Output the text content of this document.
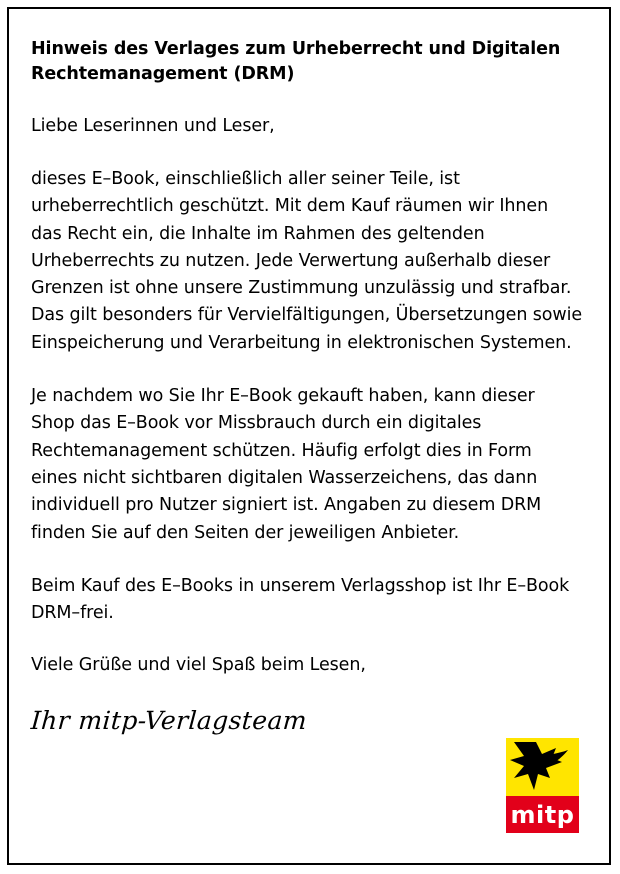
Hinweis des Verlages zum Urheberrecht und Digitalen Rechtemanagement (DRM)

Liebe Leserinnen und Leser,

dieses E–Book, einschließlich aller seiner Teile, ist urheberrechtlich geschützt. Mit dem Kauf räumen wir Ihnen das Recht ein, die Inhalte im Rahmen des geltenden Urheberrechts zu nutzen. Jede Verwertung außerhalb dieser Grenzen ist ohne unsere Zustimmung unzulässig und strafbar. Das gilt besonders für Vervielfältigungen, Übersetzungen sowie Einspeicherung und Verarbeitung in elektronischen Systemen.

Je nachdem wo Sie Ihr E–Book gekauft haben, kann dieser Shop das E–Book vor Missbrauch durch ein digitales Rechtemanagement schützen. Häufig erfolgt dies in Form eines nicht sichtbaren digitalen Wasserzeichens, das dann individuell pro Nutzer signiert ist. Angaben zu diesem DRM finden Sie auf den Seiten der jeweiligen Anbieter.

Beim Kauf des E–Books in unserem Verlagsshop ist Ihr E–Book DRM–frei.

Viele Grüße und viel Spaß beim Lesen,

Ihr mitp-Verlagsteam

mitp
